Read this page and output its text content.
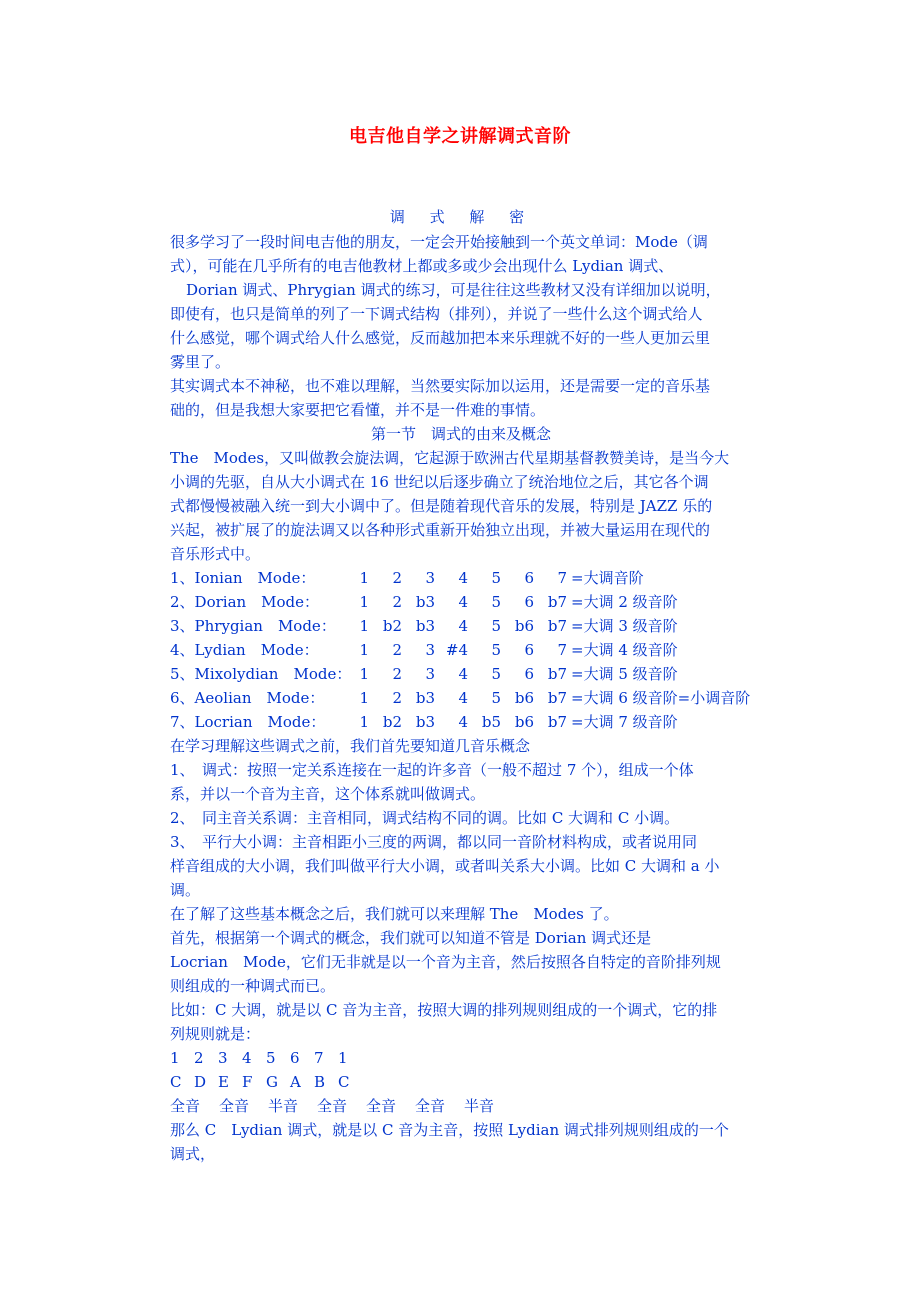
电吉他自学之讲解调式音阶
调 式 解 密

很多学习了一段时间电吉他的朋友，一定会开始接触到一个英文单词：Mode（调

式），可能在几乎所有的电吉他教材上都或多或少会出现什么 Lydian 调式、

Dorian 调式、Phrygian 调式的练习，可是往往这些教材又没有详细加以说明，

即使有，也只是简单的列了一下调式结构（排列），并说了一些什么这个调式给人

什么感觉，哪个调式给人什么感觉，反而越加把本来乐理就不好的一些人更加云里

雾里了。

其实调式本不神秘，也不难以理解，当然要实际加以运用，还是需要一定的音乐基

础的，但是我想大家要把它看懂，并不是一件难的事情。

第一节　调式的由来及概念

The　Modes，又叫做教会旋法调，它起源于欧洲古代星期基督教赞美诗，是当今大

小调的先驱，自从大小调式在 16 世纪以后逐步确立了统治地位之后，其它各个调

式都慢慢被融入统一到大小调中了。但是随着现代音乐的发展，特别是 JAZZ 乐的

兴起，被扩展了的旋法调又以各种形式重新开始独立出现，并被大量运用在现代的

音乐形式中。

1、Ionian　Mode：	1	2	3	4	5	6	7 =大调音阶
2、Dorian　Mode：	1	2 b3	4	5	6 b7 =大调 2 级音阶
3、Phrygian　Mode：	1 b2 b3	4	5 b6 b7 =大调 3 级音阶
4、Lydian　Mode：	1	2	3 #4	5	6	7 =大调 4 级音阶
5、Mixolydian　Mode： 1	2	3	4	5	6 b7 =大调 5 级音阶
6、Aeolian　Mode：	1	2 b3	4	5 b6 b7 =大调 6 级音阶=小调音阶
7、Locrian　Mode：	1 b2 b3	4 b5 b6 b7 =大调 7 级音阶

在学习理解这些调式之前，我们首先要知道几音乐概念

1、　调式：按照一定关系连接在一起的许多音（一般不超过 7 个），组成一个体

系，并以一个音为主音，这个体系就叫做调式。

2、　同主音关系调：主音相同，调式结构不同的调。比如 C 大调和 C 小调。

3、　平行大小调：主音相距小三度的两调，都以同一音阶材料构成，或者说用同

样音组成的大小调，我们叫做平行大小调，或者叫关系大小调。比如 C 大调和 a 小

调。

在了解了这些基本概念之后，我们就可以来理解 The　Modes 了。

首先，根据第一个调式的概念，我们就可以知道不管是 Dorian 调式还是

Locrian　Mode，它们无非就是以一个音为主音，然后按照各自特定的音阶排列规

则组成的一种调式而已。

比如：C 大调，就是以 C 音为主音，按照大调的排列规则组成的一个调式，它的排

列规则就是：

1 2 3 4 5 6 7 1

C D E F G A B C

全音 全音 半音 全音 全音 全音 半音

那么 C　Lydian 调式，就是以 C 音为主音，按照 Lydian 调式排列规则组成的一个

调式，
